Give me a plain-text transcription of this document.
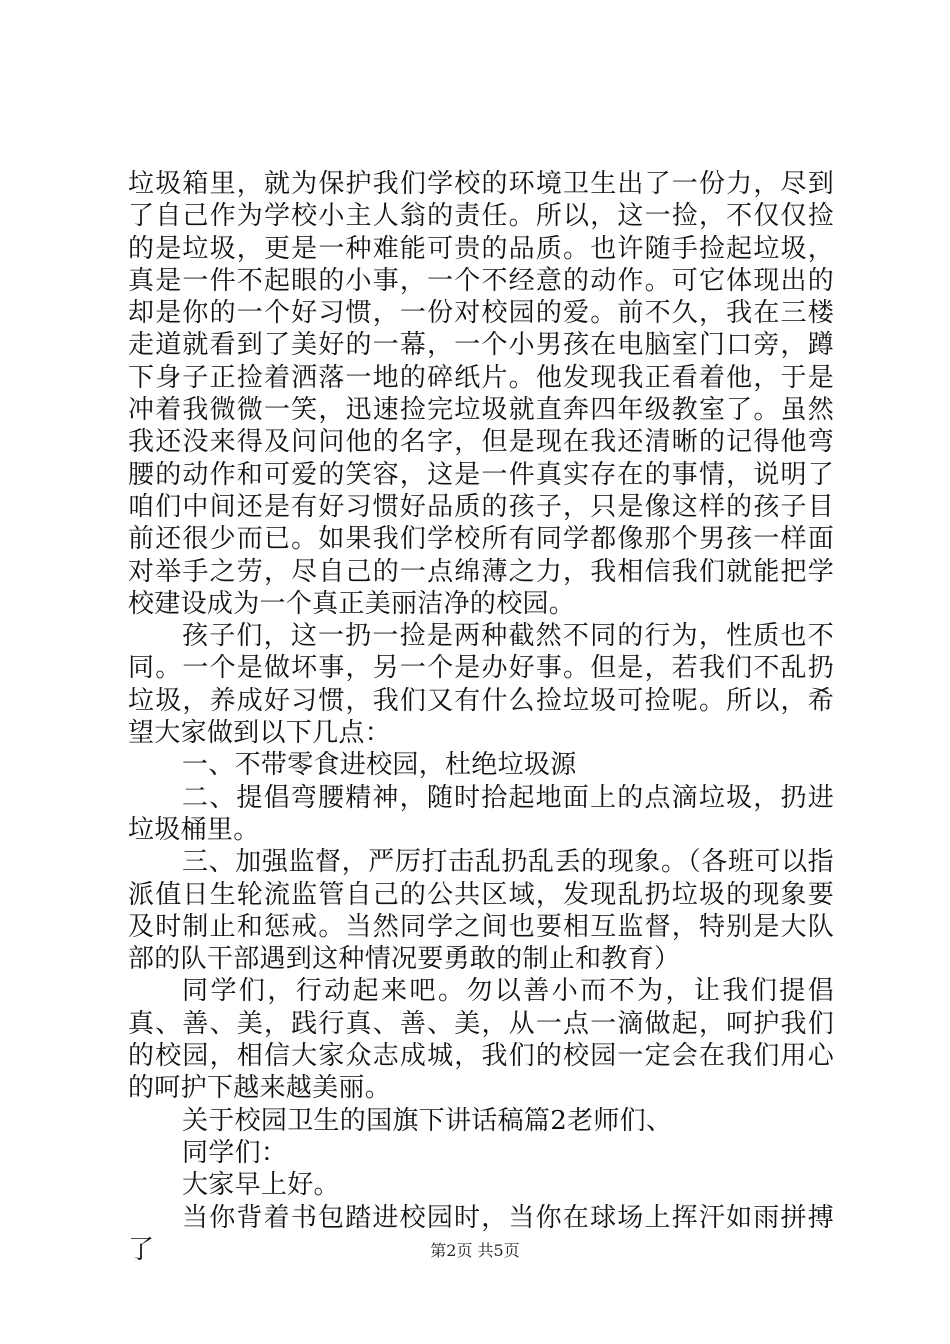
垃圾箱里，就为保护我们学校的环境卫生出了一份力，尽到了自己作为学校小主人翁的责任。所以，这一捡，不仅仅捡的是垃圾，更是一种难能可贵的品质。也许随手捡起垃圾，真是一件不起眼的小事，一个不经意的动作。可它体现出的却是你的一个好习惯，一份对校园的爱。前不久，我在三楼走道就看到了美好的一幕，一个小男孩在电脑室门口旁，蹲下身子正捡着洒落一地的碎纸片。他发现我正看着他，于是冲着我微微一笑，迅速捡完垃圾就直奔四年级教室了。虽然我还没来得及问问他的名字，但是现在我还清晰的记得他弯腰的动作和可爱的笑容，这是一件真实存在的事情，说明了咱们中间还是有好习惯好品质的孩子，只是像这样的孩子目前还很少而已。如果我们学校所有同学都像那个男孩一样面对举手之劳，尽自己的一点绵薄之力，我相信我们就能把学校建设成为一个真正美丽洁净的校园。

孩子们，这一扔一捡是两种截然不同的行为，性质也不同。一个是做坏事，另一个是办好事。但是，若我们不乱扔垃圾，养成好习惯，我们又有什么捡垃圾可捡呢。所以，希望大家做到以下几点：

一、不带零食进校园，杜绝垃圾源

二、提倡弯腰精神，随时拾起地面上的点滴垃圾，扔进垃圾桶里。

三、加强监督，严厉打击乱扔乱丢的现象。（各班可以指派值日生轮流监管自己的公共区域，发现乱扔垃圾的现象要及时制止和惩戒。当然同学之间也要相互监督，特别是大队部的队干部遇到这种情况要勇敢的制止和教育）

同学们，行动起来吧。勿以善小而不为，让我们提倡真、善、美，践行真、善、美，从一点一滴做起，呵护我们的校园，相信大家众志成城，我们的校园一定会在我们用心的呵护下越来越美丽。

关于校园卫生的国旗下讲话稿篇2老师们、

同学们：

大家早上好。

当你背着书包踏进校园时，当你在球场上挥汗如雨拼搏了	第2页 共5页
